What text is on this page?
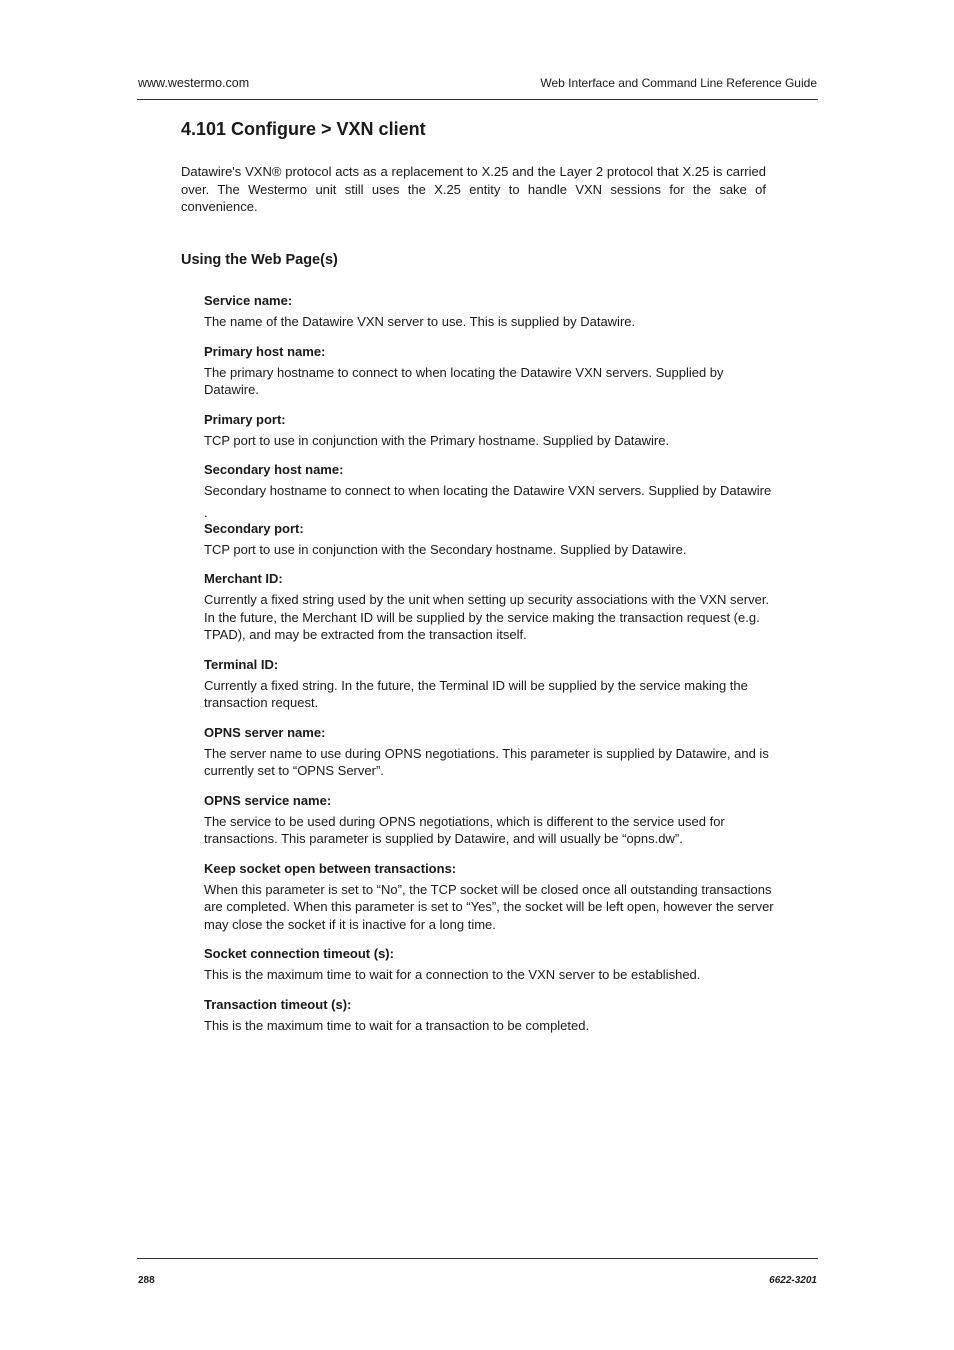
www.westermo.com	Web Interface and Command Line Reference Guide
4.101 Configure > VXN client

Datawire's VXN® protocol acts as a replacement to X.25 and the Layer 2 protocol that X.25 is carried over. The Westermo unit still uses the X.25 entity to handle VXN sessions for the sake of convenience.

Using the Web Page(s)

Service name:

The name of the Datawire VXN server to use. This is supplied by Datawire.

Primary host name:

The primary hostname to connect to when locating the Datawire VXN servers. Supplied by Datawire.

Primary port:

TCP port to use in conjunction with the Primary hostname. Supplied by Datawire.

Secondary host name:

Secondary hostname to connect to when locating the Datawire VXN servers. Supplied by Datawire

.

Secondary port:

TCP port to use in conjunction with the Secondary hostname. Supplied by Datawire.

Merchant ID:

Currently a fixed string used by the unit when setting up security associations with the VXN server. In the future, the Merchant ID will be supplied by the service making the transaction request (e.g. TPAD), and may be extracted from the transaction itself.

Terminal ID:

Currently a fixed string. In the future, the Terminal ID will be supplied by the service making the transaction request.

OPNS server name:

The server name to use during OPNS negotiations. This parameter is supplied by Datawire, and is currently set to “OPNS Server”.

OPNS service name:

The service to be used during OPNS negotiations, which is different to the service used for transactions. This parameter is supplied by Datawire, and will usually be “opns.dw”.

Keep socket open between transactions:

When this parameter is set to “No”, the TCP socket will be closed once all outstanding transactions are completed. When this parameter is set to “Yes”, the socket will be left open, however the server may close the socket if it is inactive for a long time.

Socket connection timeout (s):

This is the maximum time to wait for a connection to the VXN server to be established.

Transaction timeout (s):

This is the maximum time to wait for a transaction to be completed.

288	6622-3201
